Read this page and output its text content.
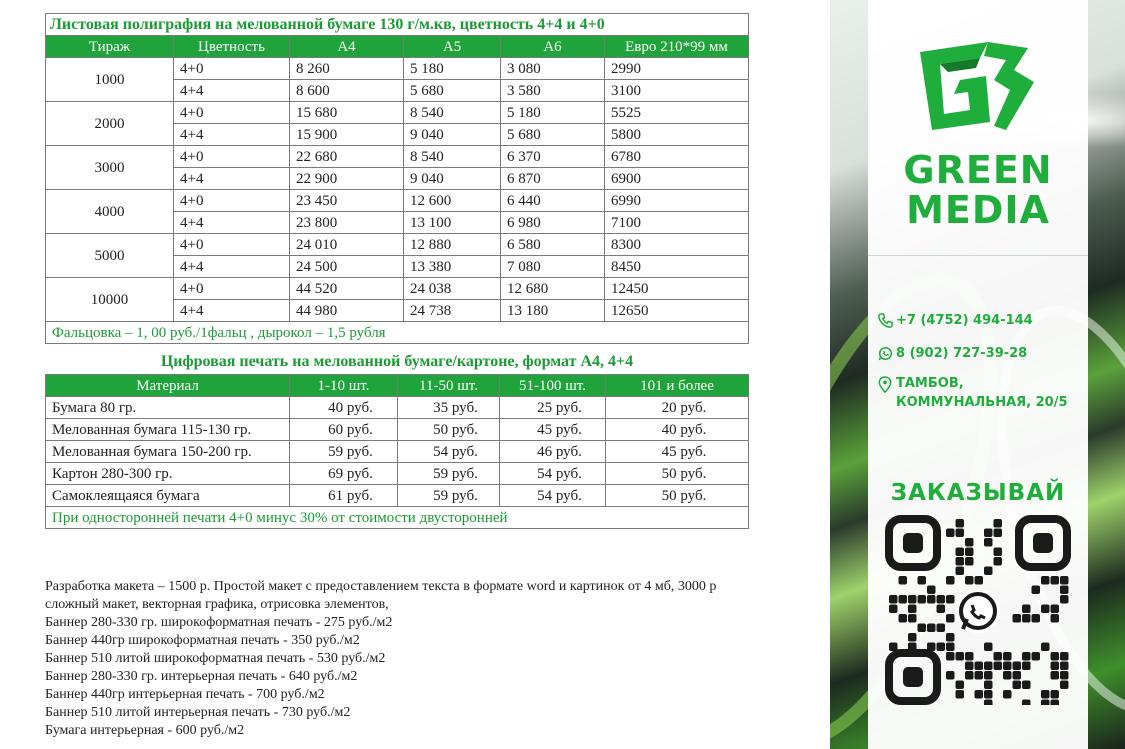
Листовая полиграфия на мелованной бумаге 130 г/м.кв, цветность 4+4 и 4+0					
Тираж	Цветность	А4	А5	А6	Евро 210*99 мм
1000	4+0	8 260	5 180	3 080	2990
	4+4	8 600	5 680	3 580	3100
2000	4+0	15 680	8 540	5 180	5525
	4+4	15 900	9 040	5 680	5800
3000	4+0	22 680	8 540	6 370	6780
	4+4	22 900	9 040	6 870	6900
4000	4+0	23 450	12 600	6 440	6990
	4+4	23 800	13 100	6 980	7100
5000	4+0	24 010	12 880	6 580	8300
	4+4	24 500	13 380	7 080	8450
10000	4+0	44 520	24 038	12 680	12450
	4+4	44 980	24 738	13 180	12650
Фальцовка – 1, 00 руб./1фальц , дырокол – 1,5 рубля					
Цифровая печать на мелованной бумаге/картоне, формат А4, 4+4
Материал	1-10 шт.	11-50 шт.	51-100 шт.	101 и более
Бумага 80 гр.	40 руб.	35 руб.	25 руб.	20 руб.
Мелованная бумага 115-130 гр.	60 руб.	50 руб.	45 руб.	40 руб.
Мелованная бумага 150-200 гр.	59 руб.	54 руб.	46 руб.	45 руб.
Картон 280-300 гр.	69 руб.	59 руб.	54 руб.	50 руб.
Самоклеящаяся бумага	61 руб.	59 руб.	54 руб.	50 руб.
При односторонней печати 4+0 минус 30% от стоимости двусторонней				

Разработка макета – 1500 р. Простой макет с предоставлением текста в формате word и картинок от 4 мб, 3000 р сложный макет, векторная графика, отрисовка элементов,

Баннер 280-330 гр. широкоформатная печать - 275 руб./м2

Баннер 440гр широкоформатная печать - 350 руб./м2

Баннер 510 литой широкоформатная печать - 530 руб./м2

Баннер 280-330 гр. интерьерная печать - 640 руб./м2

Баннер 440гр интерьерная печать - 700 руб./м2

Баннер 510 литой интерьерная печать - 730 руб./м2

Бумага интерьерная - 600 руб./м2

GREEN
MEDIA
+7 (4752) 494-144
8 (902) 727-39-28
ТАМБОВ,
КОММУНАЛЬНАЯ, 20/5
ЗАКАЗЫВАЙ
